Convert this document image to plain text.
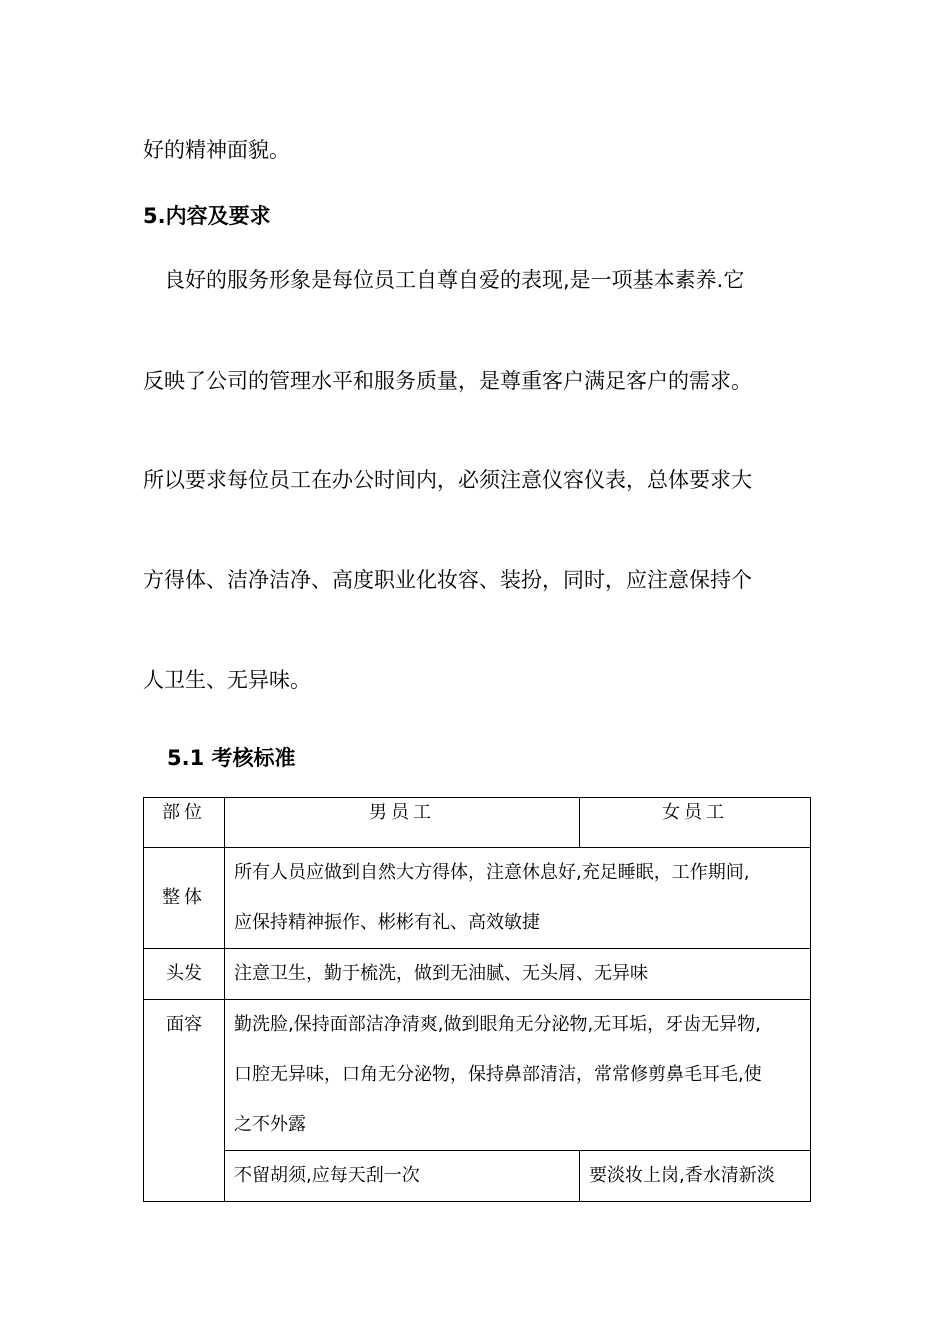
好的精神面貌。
5.内容及要求
　良好的服务形象是每位员工自尊自爱的表现,是一项基本素养.它
反映了公司的管理水平和服务质量，是尊重客户满足客户的需求。
所以要求每位员工在办公时间内，必须注意仪容仪表，总体要求大
方得体、洁净洁净、高度职业化妆容、装扮，同时，应注意保持个
人卫生、无异味。
5.1 考核标准
部位	男员工	女员工

整体	所有人员应做到自然大方得体，注意休息好,充足睡眠，工作期间,
应保持精神振作、彬彬有礼、高效敏捷	

头发	注意卫生，勤于梳洗，做到无油腻、无头屑、无异味	

面容	勤洗脸,保持面部洁净清爽,做到眼角无分泌物,无耳垢，牙齿无异物,
口腔无异味，口角无分泌物，保持鼻部清洁，常常修剪鼻毛耳毛,使
之不外露	

	不留胡须,应每天刮一次	要淡妆上岗,香水清新淡
